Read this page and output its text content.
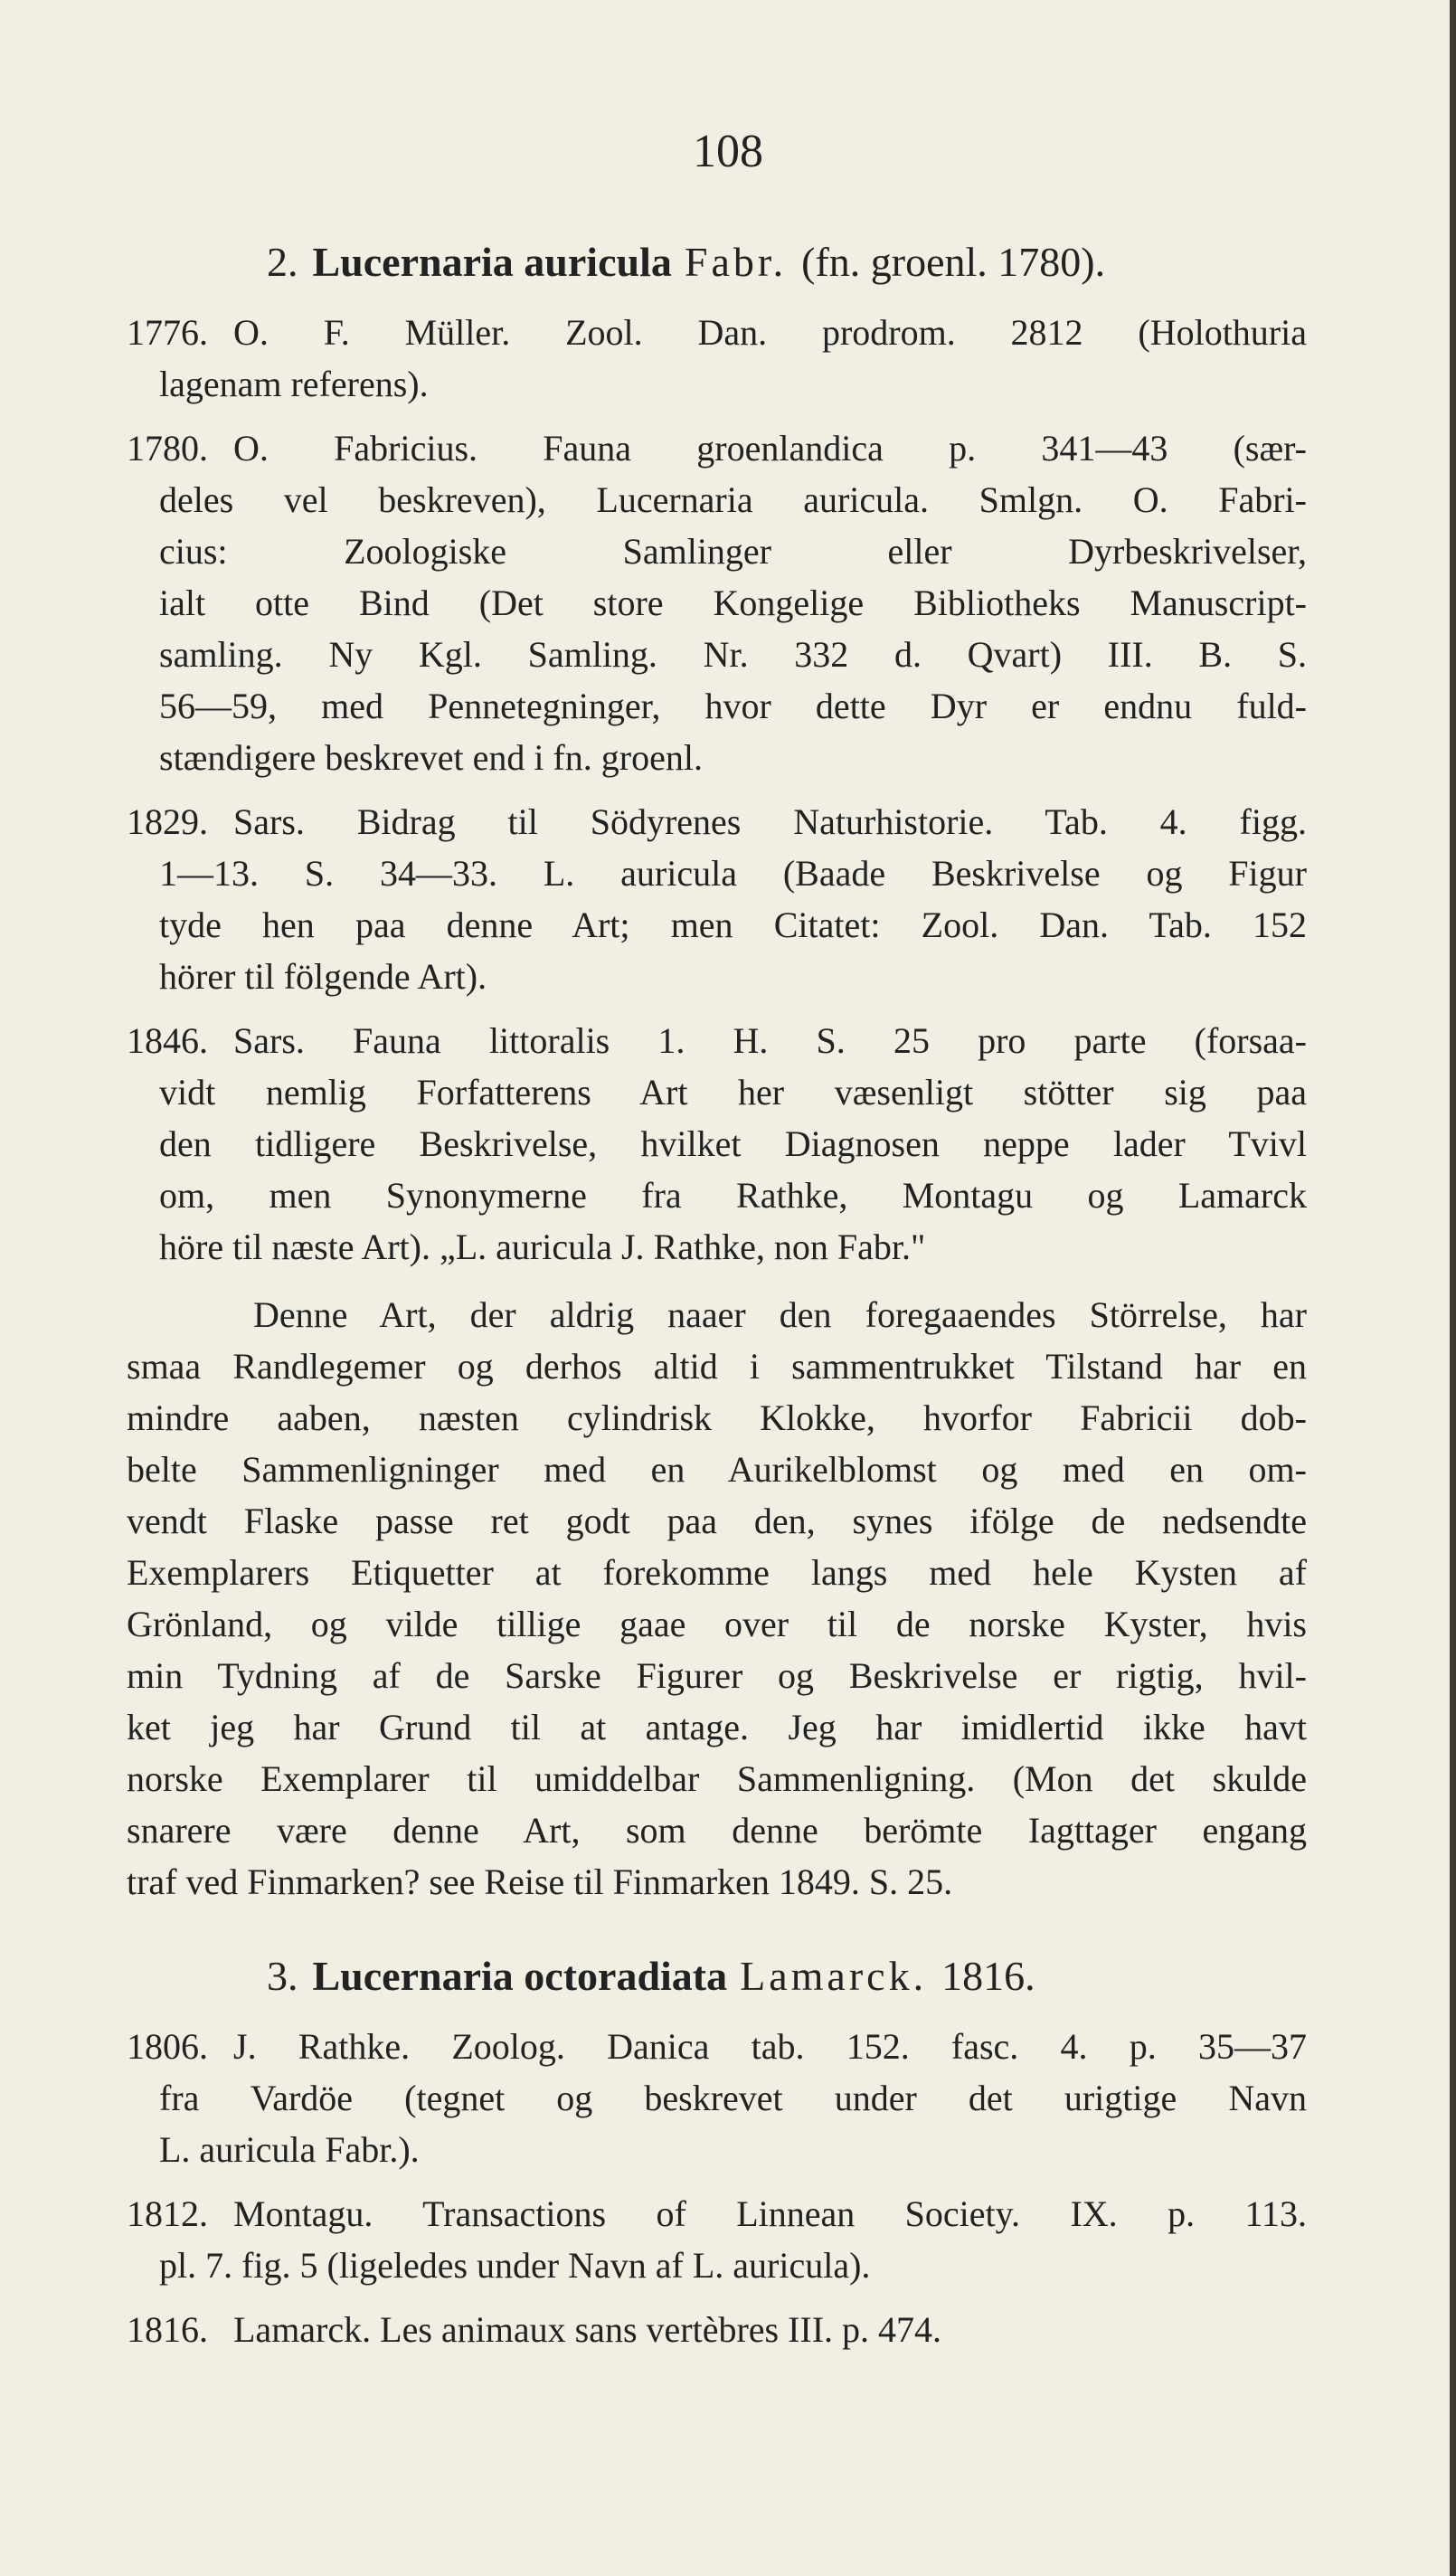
108
2. Lucernaria auricula Fabr. (fn. groenl. 1780).
1776. O. F. Müller. Zool. Dan. prodrom. 2812 (Holothuria
lagenam referens).
1780. O. Fabricius. Fauna groenlandica p. 341—43 (sær-
deles vel beskreven), Lucernaria auricula. Smlgn. O. Fabri-
cius: Zoologiske Samlinger eller Dyrbeskrivelser,
ialt otte Bind (Det store Kongelige Bibliotheks Manuscript-
samling. Ny Kgl. Samling. Nr. 332 d. Qvart) III. B. S.
56—59, med Pennetegninger, hvor dette Dyr er endnu fuld-
stændigere beskrevet end i fn. groenl.
1829. Sars. Bidrag til Södyrenes Naturhistorie. Tab. 4. figg.
1—13. S. 34—33. L. auricula (Baade Beskrivelse og Figur
tyde hen paa denne Art; men Citatet: Zool. Dan. Tab. 152
hörer til fölgende Art).
1846. Sars. Fauna littoralis 1. H. S. 25 pro parte (forsaa-
vidt nemlig Forfatterens Art her væsenligt stötter sig paa
den tidligere Beskrivelse, hvilket Diagnosen neppe lader Tvivl
om, men Synonymerne fra Rathke, Montagu og Lamarck
höre til næste Art). „L. auricula J. Rathke, non Fabr."
Denne Art, der aldrig naaer den foregaaendes Störrelse, har
smaa Randlegemer og derhos altid i sammentrukket Tilstand har en
mindre aaben, næsten cylindrisk Klokke, hvorfor Fabricii dob-
belte Sammenligninger med en Aurikelblomst og med en om-
vendt Flaske passe ret godt paa den, synes ifölge de nedsendte
Exemplarers Etiquetter at forekomme langs med hele Kysten af
Grönland, og vilde tillige gaae over til de norske Kyster, hvis
min Tydning af de Sarske Figurer og Beskrivelse er rigtig, hvil-
ket jeg har Grund til at antage. Jeg har imidlertid ikke havt
norske Exemplarer til umiddelbar Sammenligning. (Mon det skulde
snarere være denne Art, som denne berömte Iagttager engang
traf ved Finmarken? see Reise til Finmarken 1849. S. 25.
3. Lucernaria octoradiata Lamarck. 1816.
1806. J. Rathke. Zoolog. Danica tab. 152. fasc. 4. p. 35—37
fra Vardöe (tegnet og beskrevet under det urigtige Navn
L. auricula Fabr.).
1812. Montagu. Transactions of Linnean Society. IX. p. 113.
pl. 7. fig. 5 (ligeledes under Navn af L. auricula).
1816. Lamarck. Les animaux sans vertèbres III. p. 474.
